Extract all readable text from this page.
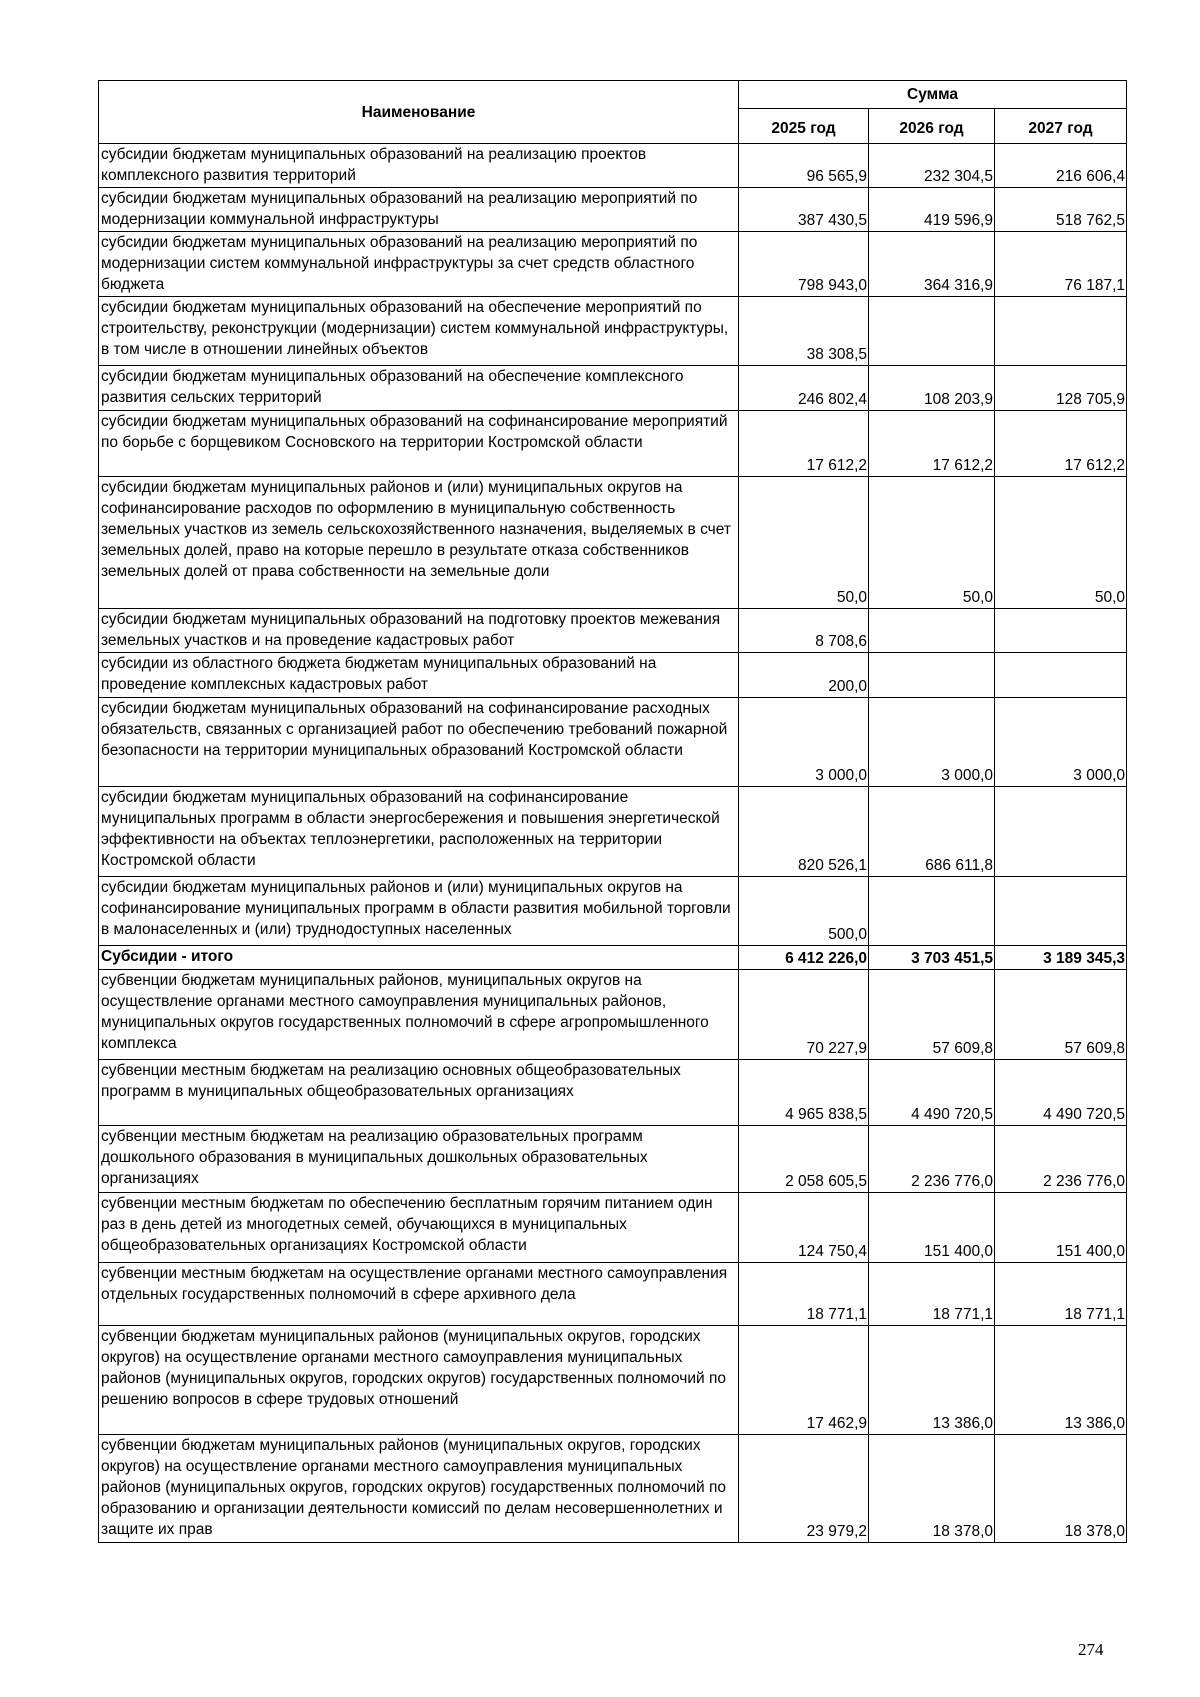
Наименование	Сумма		
	2025 год	2026 год	2027 год
субсидии бюджетам муниципальных образований на реализацию проектов комплексного развития территорий	96 565,9	232 304,5	216 606,4
субсидии бюджетам муниципальных образований на реализацию мероприятий по модернизации коммунальной инфраструктуры	387 430,5	419 596,9	518 762,5
субсидии бюджетам муниципальных образований на реализацию мероприятий по модернизации систем коммунальной инфраструктуры за счет средств областного бюджета	798 943,0	364 316,9	76 187,1
субсидии бюджетам муниципальных образований на обеспечение мероприятий по строительству, реконструкции (модернизации) систем коммунальной инфраструктуры, в том числе в отношении линейных объектов	38 308,5		
субсидии бюджетам муниципальных образований на обеспечение комплексного развития сельских территорий	246 802,4	108 203,9	128 705,9
субсидии бюджетам муниципальных образований на софинансирование мероприятий по борьбе с борщевиком Сосновского на территории Костромской области	17 612,2	17 612,2	17 612,2
субсидии бюджетам муниципальных районов и (или) муниципальных округов на софинансирование расходов по оформлению в муниципальную собственность земельных участков из земель сельскохозяйственного назначения, выделяемых в счет земельных долей, право на которые перешло в результате отказа собственников земельных долей от права собственности на земельные доли	50,0	50,0	50,0
субсидии бюджетам муниципальных образований на подготовку проектов межевания земельных участков и на проведение кадастровых работ	8 708,6		
субсидии из областного бюджета бюджетам муниципальных образований на проведение комплексных кадастровых работ	200,0		
субсидии бюджетам муниципальных образований на софинансирование расходных обязательств, связанных с организацией работ по обеспечению требований пожарной безопасности на территории муниципальных образований Костромской области	3 000,0	3 000,0	3 000,0
субсидии бюджетам муниципальных образований на софинансирование муниципальных программ в области энергосбережения и повышения энергетической эффективности на объектах теплоэнергетики, расположенных на территории Костромской области	820 526,1	686 611,8	

субсидии бюджетам муниципальных районов и (или) муниципальных округов на софинансирование муниципальных программ в области развития мобильной торговли в малонаселенных и (или) труднодоступных населенных	500,0		
Субсидии - итого	6 412 226,0	3 703 451,5	3 189 345,3
субвенции бюджетам муниципальных районов, муниципальных округов на осуществление органами местного самоуправления муниципальных районов, муниципальных округов государственных полномочий в сфере агропромышленного комплекса	70 227,9	57 609,8	57 609,8
субвенции местным бюджетам на реализацию основных общеобразовательных программ в муниципальных общеобразовательных организациях	4 965 838,5	4 490 720,5	4 490 720,5
субвенции местным бюджетам на реализацию образовательных программ дошкольного образования в муниципальных дошкольных образовательных организациях	2 058 605,5	2 236 776,0	2 236 776,0
субвенции местным бюджетам по обеспечению бесплатным горячим питанием один раз в день детей из многодетных семей, обучающихся в муниципальных общеобразовательных организациях Костромской области	124 750,4	151 400,0	151 400,0
субвенции местным бюджетам на осуществление органами местного самоуправления отдельных государственных полномочий в сфере архивного дела	18 771,1	18 771,1	18 771,1
субвенции бюджетам муниципальных районов (муниципальных округов, городских округов) на осуществление органами местного самоуправления муниципальных районов (муниципальных округов, городских округов) государственных полномочий по решению вопросов в сфере трудовых отношений	17 462,9	13 386,0	13 386,0
субвенции бюджетам муниципальных районов (муниципальных округов, городских округов) на осуществление органами местного самоуправления муниципальных районов (муниципальных округов, городских округов) государственных полномочий по образованию и организации деятельности комиссий по делам несовершеннолетних и защите их прав	23 979,2	18 378,0	18 378,0
274
